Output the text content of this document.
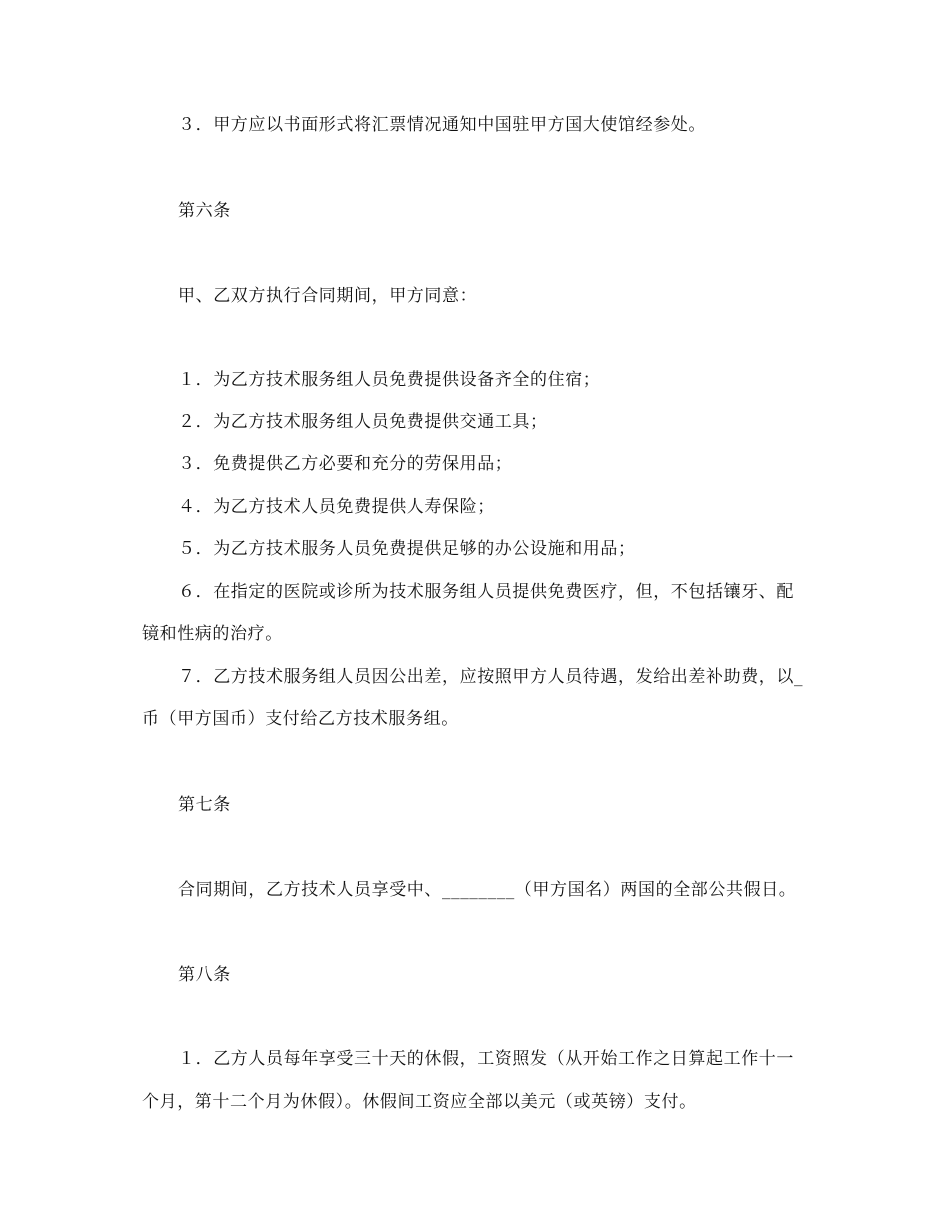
３．甲方应以书面形式将汇票情况通知中国驻甲方国大使馆经参处。
第六条
甲、乙双方执行合同期间，甲方同意：
１．为乙方技术服务组人员免费提供设备齐全的住宿；
２．为乙方技术服务组人员免费提供交通工具；
３．免费提供乙方必要和充分的劳保用品；
４．为乙方技术人员免费提供人寿保险；
５．为乙方技术服务人员免费提供足够的办公设施和用品；
６．在指定的医院或诊所为技术服务组人员提供免费医疗，但，不包括镶牙、配
镜和性病的治疗。
７．乙方技术服务组人员因公出差，应按照甲方人员待遇，发给出差补助费，以_
币（甲方国币）支付给乙方技术服务组。
第七条
合同期间，乙方技术人员享受中、________（甲方国名）两国的全部公共假日。
第八条
１．乙方人员每年享受三十天的休假，工资照发（从开始工作之日算起工作十一
个月，第十二个月为休假）。休假间工资应全部以美元（或英镑）支付。
